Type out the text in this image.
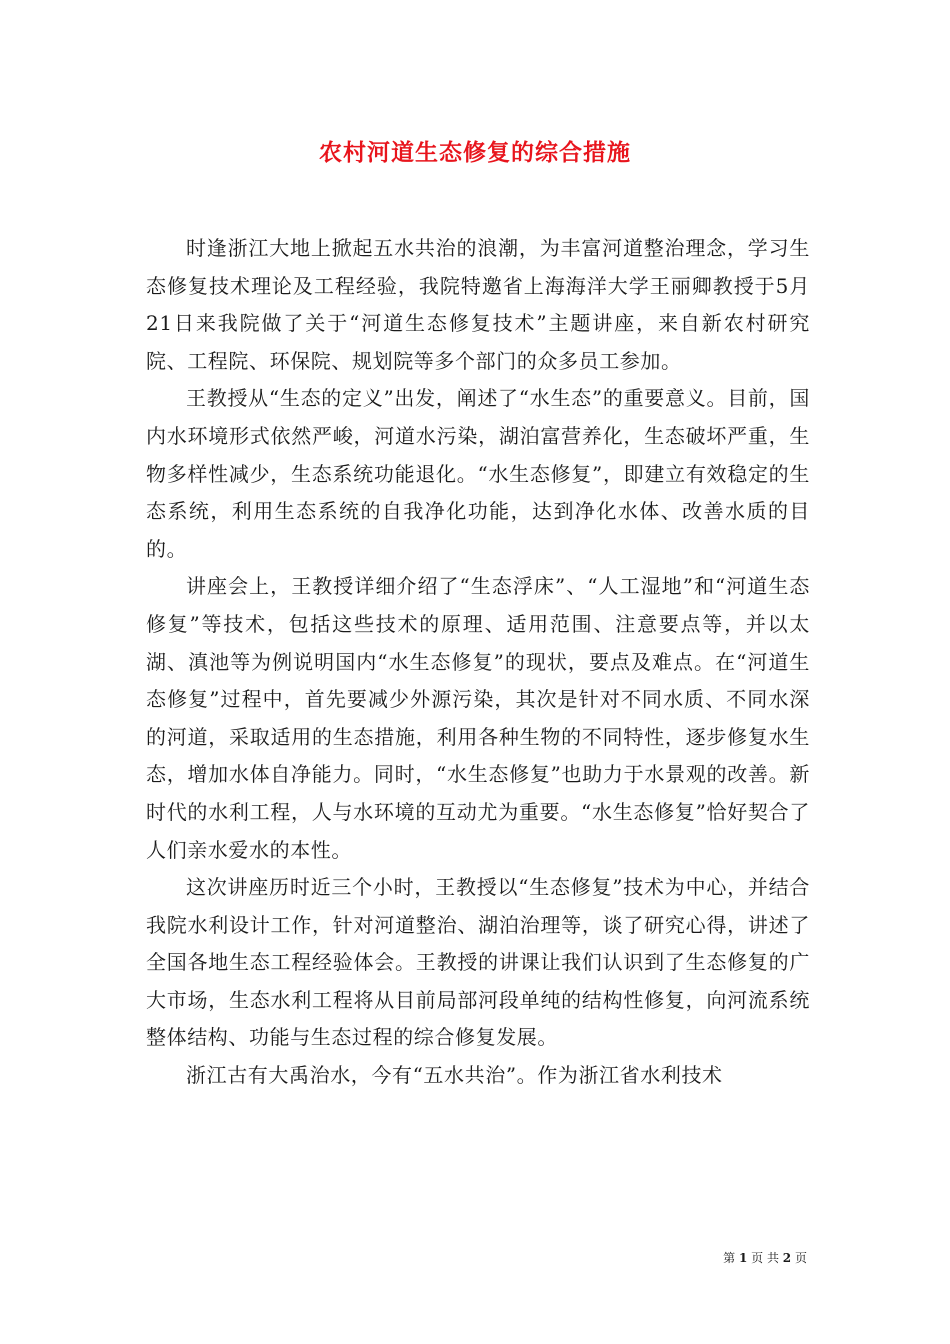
农村河道生态修复的综合措施

时逢浙江大地上掀起五水共治的浪潮，为丰富河道整治理念，学习生态修复技术理论及工程经验，我院特邀省上海海洋大学王丽卿教授于5月21日来我院做了关于“河道生态修复技术”主题讲座，来自新农村研究院、工程院、环保院、规划院等多个部门的众多员工参加。

王教授从“生态的定义”出发，阐述了“水生态”的重要意义。目前，国内水环境形式依然严峻，河道水污染，湖泊富营养化，生态破坏严重，生物多样性减少，生态系统功能退化。“水生态修复”，即建立有效稳定的生态系统，利用生态系统的自我净化功能，达到净化水体、改善水质的目的。

讲座会上，王教授详细介绍了“生态浮床”、“人工湿地”和“河道生态修复”等技术，包括这些技术的原理、适用范围、注意要点等，并以太湖、滇池等为例说明国内“水生态修复”的现状，要点及难点。在“河道生态修复”过程中，首先要减少外源污染，其次是针对不同水质、不同水深的河道，采取适用的生态措施，利用各种生物的不同特性，逐步修复水生态，增加水体自净能力。同时，“水生态修复”也助力于水景观的改善。新时代的水利工程，人与水环境的互动尤为重要。“水生态修复”恰好契合了人们亲水爱水的本性。

这次讲座历时近三个小时，王教授以“生态修复”技术为中心，并结合我院水利设计工作，针对河道整治、湖泊治理等，谈了研究心得，讲述了全国各地生态工程经验体会。王教授的讲课让我们认识到了生态修复的广大市场，生态水利工程将从目前局部河段单纯的结构性修复，向河流系统整体结构、功能与生态过程的综合修复发展。

浙江古有大禹治水，今有“五水共治”。作为浙江省水利技术

第 1 页 共 2 页
